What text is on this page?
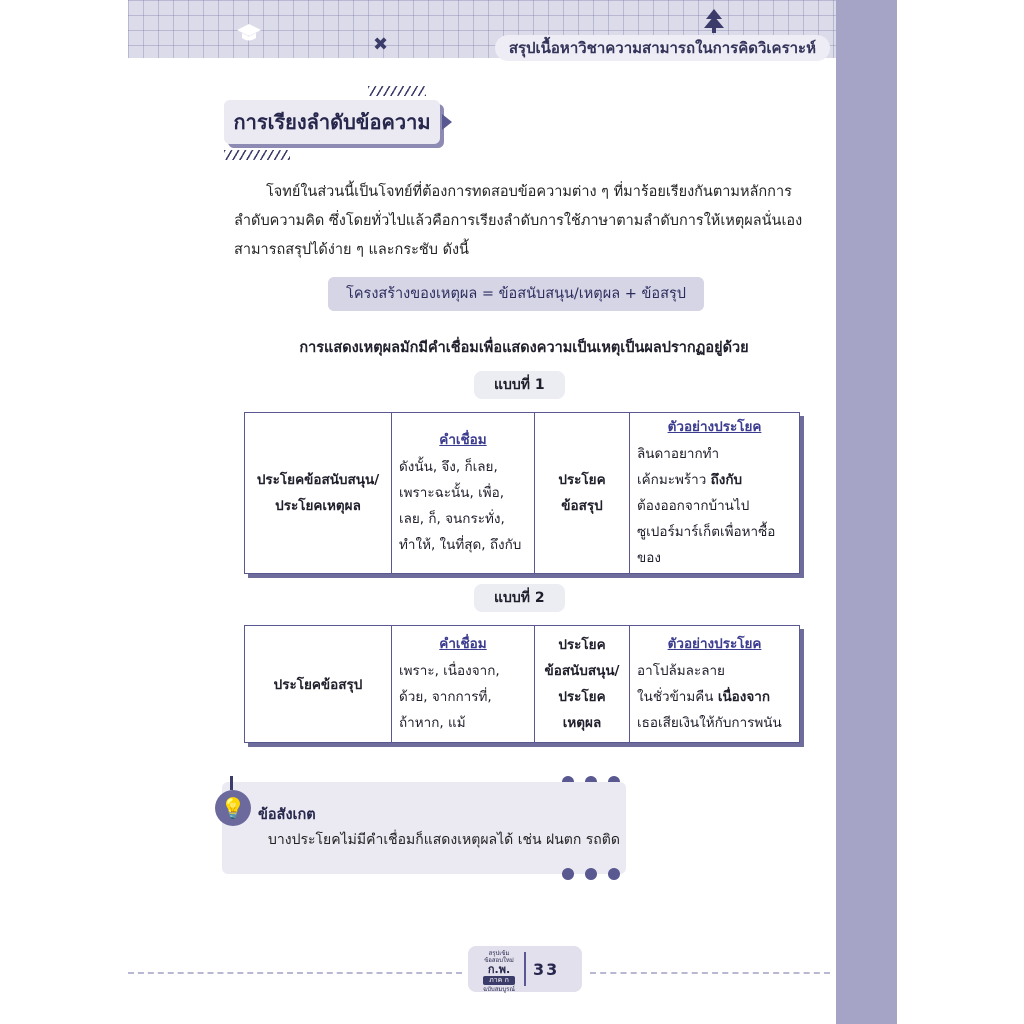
✖	สรุปเนื้อหาวิชาความสามารถในการคิดวิเคราะห์
การเรียงลำดับข้อความ

โจทย์ในส่วนนี้เป็นโจทย์ที่ต้องการทดสอบข้อความต่าง ๆ ที่มาร้อยเรียงกันตามหลักการลำดับความคิด ซึ่งโดยทั่วไปแล้วคือการเรียงลำดับการใช้ภาษาตามลำดับการให้เหตุผลนั่นเอง สามารถสรุปได้ง่าย ๆ และกระชับ ดังนี้

โครงสร้างของเหตุผล = ข้อสนับสนุน/เหตุผล + ข้อสรุป
การแสดงเหตุผลมักมีคำเชื่อมเพื่อแสดงความเป็นเหตุเป็นผลปรากฏอยู่ด้วย
แบบที่ 1
ประโยคข้อสนับสนุน/
ประโยคเหตุผล

คำเชื่อม
ดังนั้น, จึง, ก็เลย,
เพราะฉะนั้น, เพื่อ,
เลย, ก็, จนกระทั่ง,
ทำให้, ในที่สุด, ถึงกับ

ประโยค
ข้อสรุป

ตัวอย่างประโยค
ลินดาอยากทำ
เค้กมะพร้าว ถึงกับ
ต้องออกจากบ้านไป
ซูเปอร์มาร์เก็ตเพื่อหาซื้อของ
แบบที่ 2
ประโยคข้อสรุป	
คำเชื่อม
เพราะ, เนื่องจาก,
ด้วย, จากการที่,
ถ้าหาก, แม้

ประโยค
ข้อสนับสนุน/
ประโยค
เหตุผล

ตัวอย่างประโยค
อาโปล้มละลาย
ในชั่วข้ามคืน เนื่องจาก
เธอเสียเงินให้กับการพนัน
💡 ข้อสังเกต
บางประโยคไม่มีคำเชื่อมก็แสดงเหตุผลได้ เช่น ฝนตก รถติด
สรุปเข้ม
ข้อสอบใหม่
ก.พ.
ภาค ก
ฉบับสมบูรณ์
33
